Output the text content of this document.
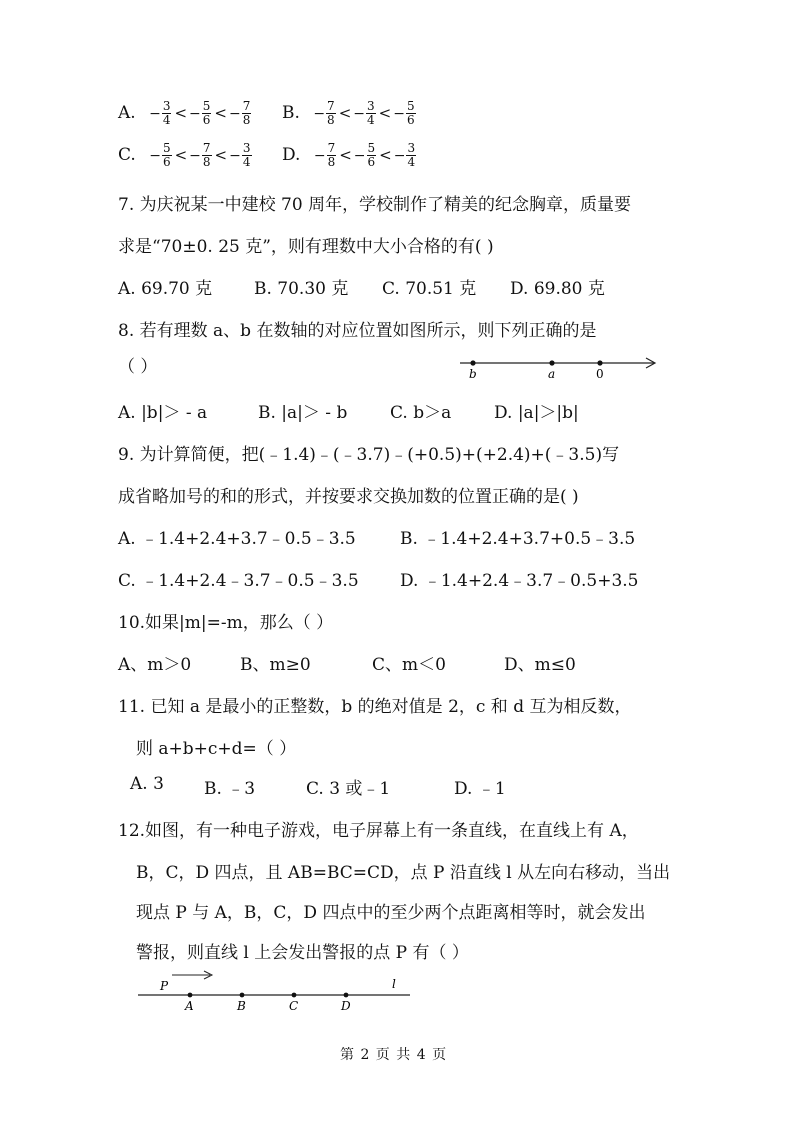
A. − $\frac{3}{4}$ < − $\frac{5}{6}$ < − $\frac{7}{8} B$. − $\frac{7}{8}$ < − $\frac{3}{4}$ < − $\frac{5}{6}$
C. − $\frac{5}{6}$ < − $\frac{7}{8}$ < − $\frac{3}{4} D$. − $\frac{7}{8}$ < − $\frac{5}{6}$ < − $\frac{3}{4}$
7. 为庆祝某一中建校 70 周年，学校制作了精美的纪念胸章，质量要
求是“70±0. 25 克”，则有理数中大小合格的有( )
A. 69.70 克 B. 70.30 克 C. 70.51 克 D. 69.80 克
8. 若有理数 a、b 在数轴的对应位置如图所示，则下列正确的是
（ ）	b	a	0
A. |b|＞ - a	B. |a|＞ - b	C. b＞a	D. |a|＞|b|
9. 为计算简便，把(﹣1.4)﹣(﹣3.7)﹣(+0.5)+(+2.4)+(﹣3.5)写
成省略加号的和的形式，并按要求交换加数的位置正确的是( )
A. ﹣1.4+2.4+3.7﹣0.5﹣3.5	B. ﹣1.4+2.4+3.7+0.5﹣3.5
C. ﹣1.4+2.4﹣3.7﹣0.5﹣3.5 D. ﹣1.4+2.4﹣3.7﹣0.5+3.5
10.如果|m|=-m，那么（ ）
A、m＞0	B、m≥0	C、m＜0	D、m≤0
11. 已知 a 是最小的正整数，b 的绝对值是 2，c 和 d 互为相反数，
则 a+b+c+d=（ ）
A. 3 B. ﹣3	C. 3 或﹣1	D. ﹣1
12.如图，有一种电子游戏，电子屏幕上有一条直线，在直线上有 A，
B，C，D 四点，且 AB=BC=CD，点 P 沿直线 l 从左向右移动，当出
现点 P 与 A，B，C，D 四点中的至少两个点距离相等时，就会发出
警报，则直线 l 上会发出警报的点 P 有（ ）
P
A	B	C	D
l
第 2 页 共 4 页
